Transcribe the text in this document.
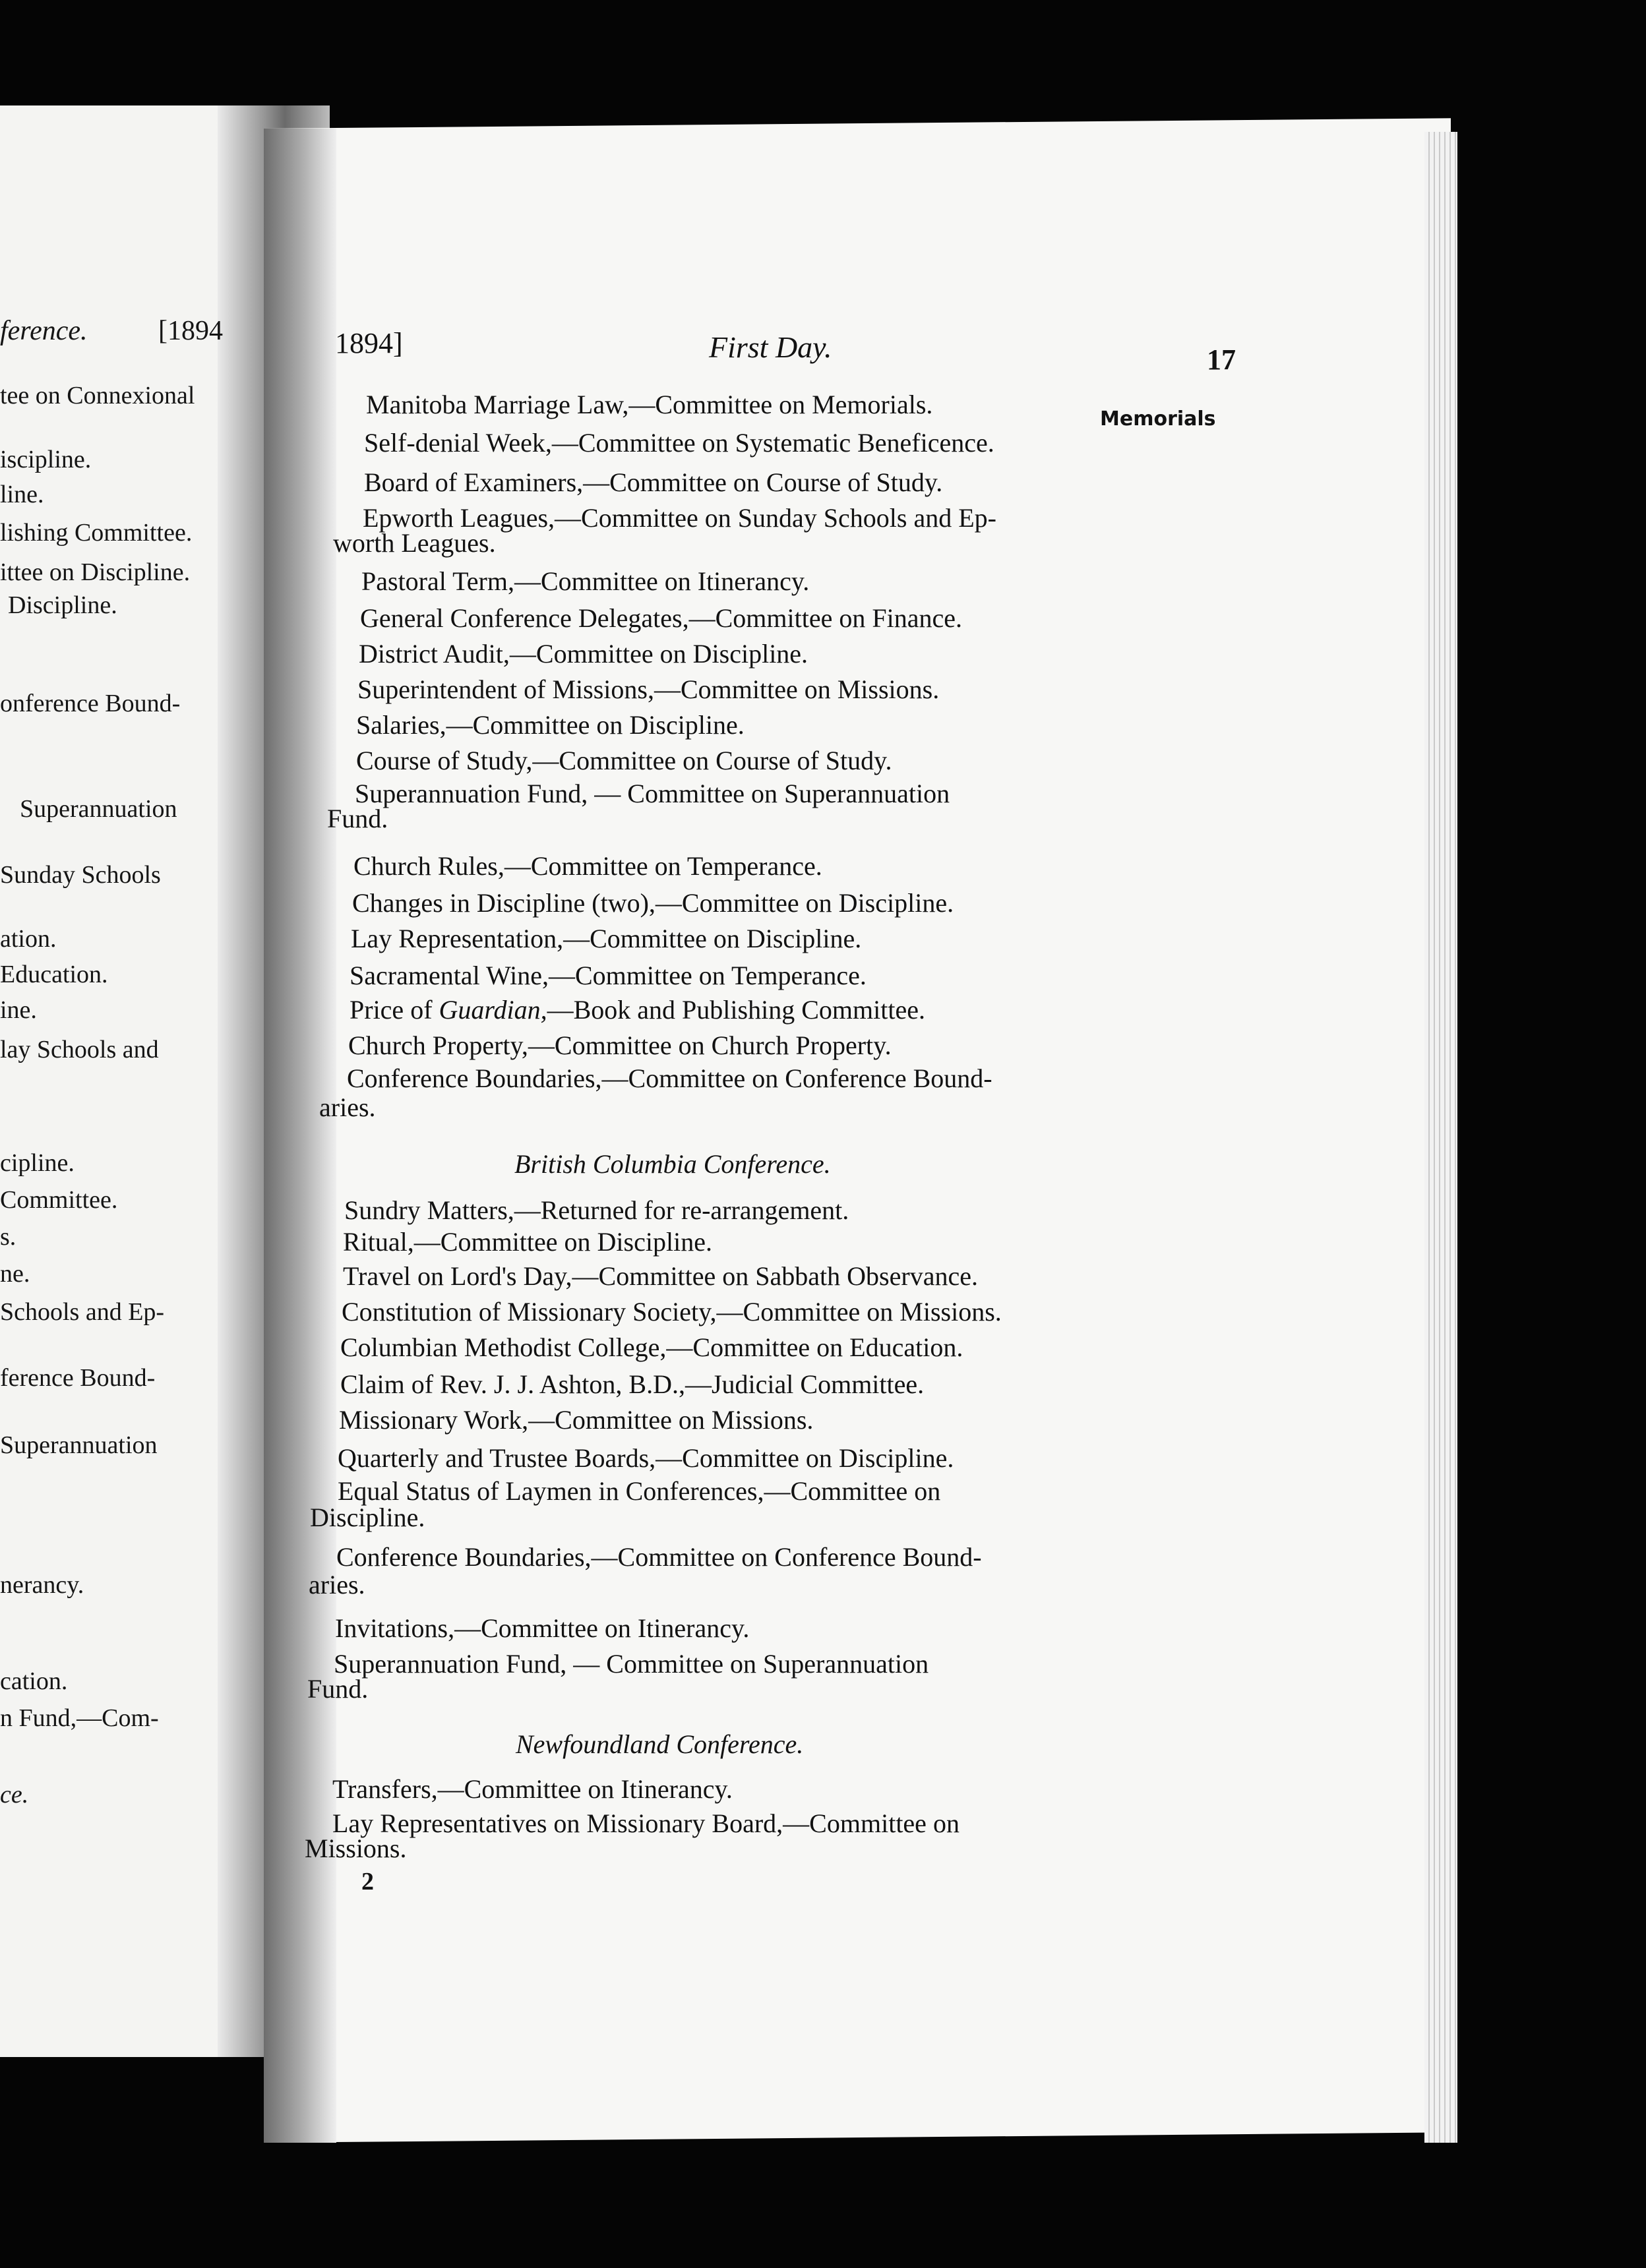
ference.	[1894
tee on Connexional
iscipline.
line.
lishing Committee.
ittee on Discipline.
Discipline.
onference Bound-
Superannuation
Sunday Schools
ation.
Education.
ine.
lay Schools and
cipline.
Committee.
s.
ne.
Schools and Ep-
ference Bound-
Superannuation
nerancy.
cation.
n Fund,—Com-
ce.
1894]	First Day.	17
Memorials
Manitoba Marriage Law,—Committee on Memorials.
Self-denial Week,—Committee on Systematic Beneficence.
Board of Examiners,—Committee on Course of Study.
Epworth Leagues,—Committee on Sunday Schools and Ep-
worth Leagues.
Pastoral Term,—Committee on Itinerancy.
General Conference Delegates,—Committee on Finance.
District Audit,—Committee on Discipline.
Superintendent of Missions,—Committee on Missions.
Salaries,—Committee on Discipline.
Course of Study,—Committee on Course of Study.
Superannuation Fund, — Committee on Superannuation
Fund.
Church Rules,—Committee on Temperance.
Changes in Discipline (two),—Committee on Discipline.
Lay Representation,—Committee on Discipline.
Sacramental Wine,—Committee on Temperance.
Price of Guardian,—Book and Publishing Committee.
Church Property,—Committee on Church Property.
Conference Boundaries,—Committee on Conference Bound-
aries.
British Columbia Conference.
Sundry Matters,—Returned for re-arrangement.
Ritual,—Committee on Discipline.
Travel on Lord's Day,—Committee on Sabbath Observance.
Constitution of Missionary Society,—Committee on Missions.
Columbian Methodist College,—Committee on Education.
Claim of Rev. J. J. Ashton, B.D.,—Judicial Committee.
Missionary Work,—Committee on Missions.
Quarterly and Trustee Boards,—Committee on Discipline.
Equal Status of Laymen in Conferences,—Committee on
Discipline.
Conference Boundaries,—Committee on Conference Bound-
aries.
Invitations,—Committee on Itinerancy.
Superannuation Fund, — Committee on Superannuation
Fund.
Newfoundland Conference.
Transfers,—Committee on Itinerancy.
Lay Representatives on Missionary Board,—Committee on
Missions.
2
